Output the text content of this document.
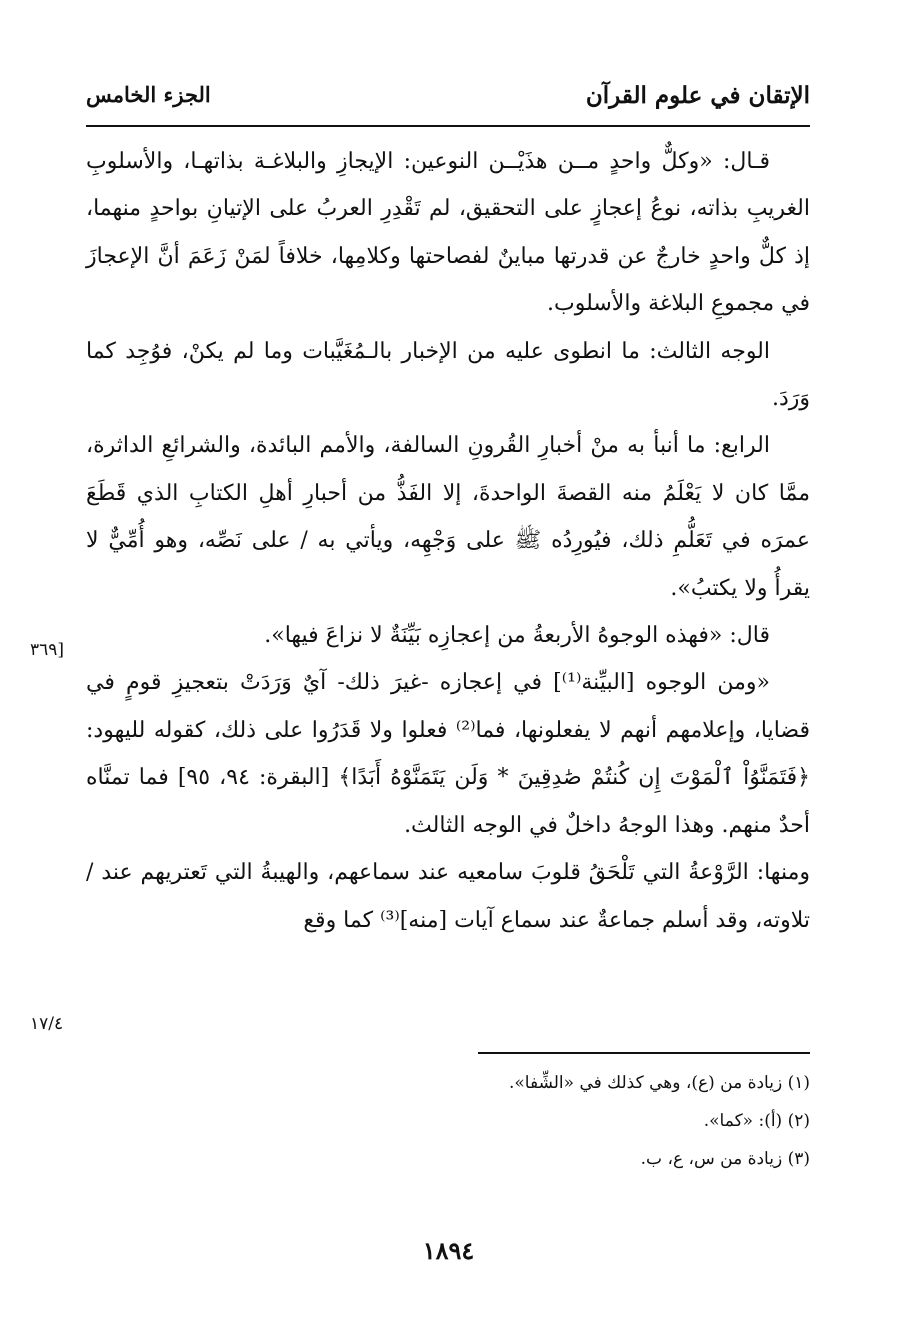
الإتقان في علوم القرآن
الجزء الخامس

قـال: «وكلٌّ واحدٍ مــن هذَيْــن النوعين: الإيجازِ والبلاغـة بذاتهـا، والأسلوبِ الغريبِ بذاته، نوعُ إعجازٍ على التحقيق، لم تَقْدِرِ العربُ على الإتيانِ بواحدٍ منهما، إذ كلٌّ واحدٍ خارجٌ عن قدرتها مباينٌ لفصاحتها وكلامِها، خلافاً لمَنْ زَعَمَ أنَّ الإعجازَ في مجموعِ البلاغة والأسلوب.

الوجه الثالث: ما انطوى عليه من الإخبار بالـمُغَيَّبات وما لم يكنْ، فوُجِد كما وَرَدَ.

الرابع: ما أنبأ به منْ أخبارِ القُرونِ السالفة، والأمم البائدة، والشرائعِ الداثرة، ممَّا كان لا يَعْلَمُ منه القصةَ الواحدةَ، إلا الفَذُّ من أحبارِ أهلِ الكتابِ الذي قَطَعَ عمرَه في تَعَلُّمِ ذلك، فيُورِدُه ﷺ على وَجْهِه، ويأتي به / على نَصِّه، وهو أُمِّيٌّ لا يقرأُ ولا يكتبُ».

قال: «فهذه الوجوهُ الأربعةُ من إعجازِه بَيِّنَةٌ لا نزاعَ فيها».

«ومن الوجوه [البيِّنة⁽¹⁾] في إعجازه -غيرَ ذلك- آيٌ وَرَدَتْ بتعجيزِ قومٍ في قضايا، وإعلامهم أنهم لا يفعلونها، فما⁽²⁾ فعلوا ولا قَدَرُوا على ذلك، كقوله لليهود: ﴿فَتَمَنَّوُاْ ٱلْمَوْتَ إِن كُنتُمْ صَٰدِقِينَ * وَلَن يَتَمَنَّوْهُ أَبَدًا﴾ [البقرة: ٩٤، ٩٥] فما تمنَّاه أحدٌ منهم. وهذا الوجهُ داخلٌ في الوجه الثالث.

ومنها: الرَّوْعةُ التي تَلْحَقُ قلوبَ سامعيه عند سماعهم، والهيبةُ التي تَعتريهم عند / تلاوته، وقد أسلم جماعةٌ عند سماع آيات [منه]⁽³⁾ كما وقع

[٣٦٩
١٧/٤
(١) زيادة من (ع)، وهي كذلك في «الشِّفا».
(٢) (أ): «كما».
(٣) زيادة من س، ع، ب.
١٨٩٤
